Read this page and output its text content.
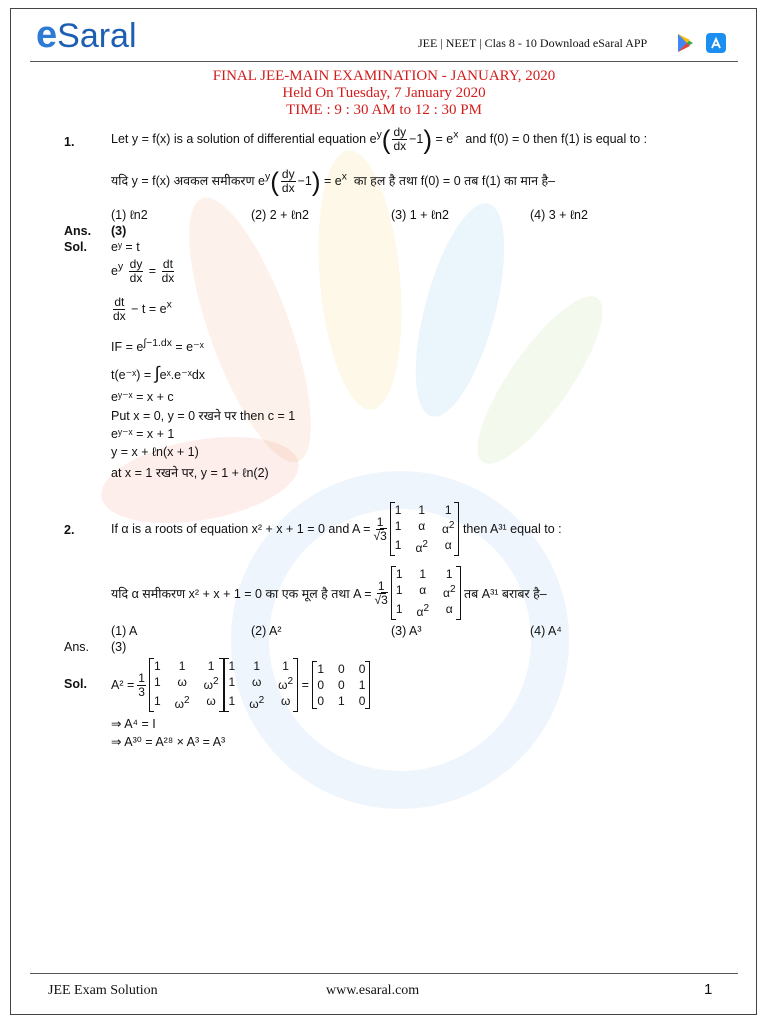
eSaral	JEE | NEET | Clas 8 - 10 Download eSaral APP
FINAL JEE-MAIN EXAMINATION - JANUARY, 2020
Held On Tuesday, 7 January 2020
TIME : 9 : 30 AM to 12 : 30 PM
1.	Let y = f(x) is a solution of differential equation $e^y( \frac{dy}{dx} -1) = e^x$ and f(0) = 0 then f(1) is equal to :
यदि y = f(x) अवकल समीकरण $e^y( \frac{dy}{dx} -1) = e^x$ का हल है तथा f(0) = 0 तब f(1) का मान है–
(1) ℓn2	(2) 2 + ℓn2	(3) 1 + ℓn2	(4) 3 + ℓn2
Ans. (3)
Sol. eʸ = t
$e^y \frac{dy}{dx} = \frac{dt}{dx}$
$\frac{dt}{dx} - t = e^x$
IF = $e^{\int-1.dx}$ = e⁻ˣ
t(e⁻ˣ) = ∫eˣ.e⁻ˣdx
eʸ⁻ˣ = x + c
Put x = 0, y = 0 रखने पर then c = 1
eʸ⁻ˣ = x + 1
y = x + ℓn(x + 1)
at x = 1 रखने पर, y = 1 + ℓn(2)
2.	If α is a roots of equation x² + x + 1 = 0 and $A = \frac{1}{√3}$
1 1 1
1 α $\alpha^2$
1 $\alpha^2$ α

then A³¹ equal to :
यदि α समीकरण x² + x + 1 = 0 का एक मूल है तथा $A = \frac{1}{√3}$
1 1 1
1 α $\alpha^2$
1 $\alpha^2$ α

तब A³¹ बराबर है–
(1) A	(2) A²	(3) A³	(4) A⁴
Ans. (3)
Sol. $A^2 = \frac{1}{3}$
1	1	1
1 ω $\omega^2$
1 $\omega^2$ ω
1	1	1
1 ω $\omega^2$
1 $\omega^2$ ω
=
1 0 0
0 0 1
0 1 0
⇒ A⁴ = I
⇒ A³⁰ = A²⁸ × A³ = A³
JEE Exam Solution	www.esaral.com	1
